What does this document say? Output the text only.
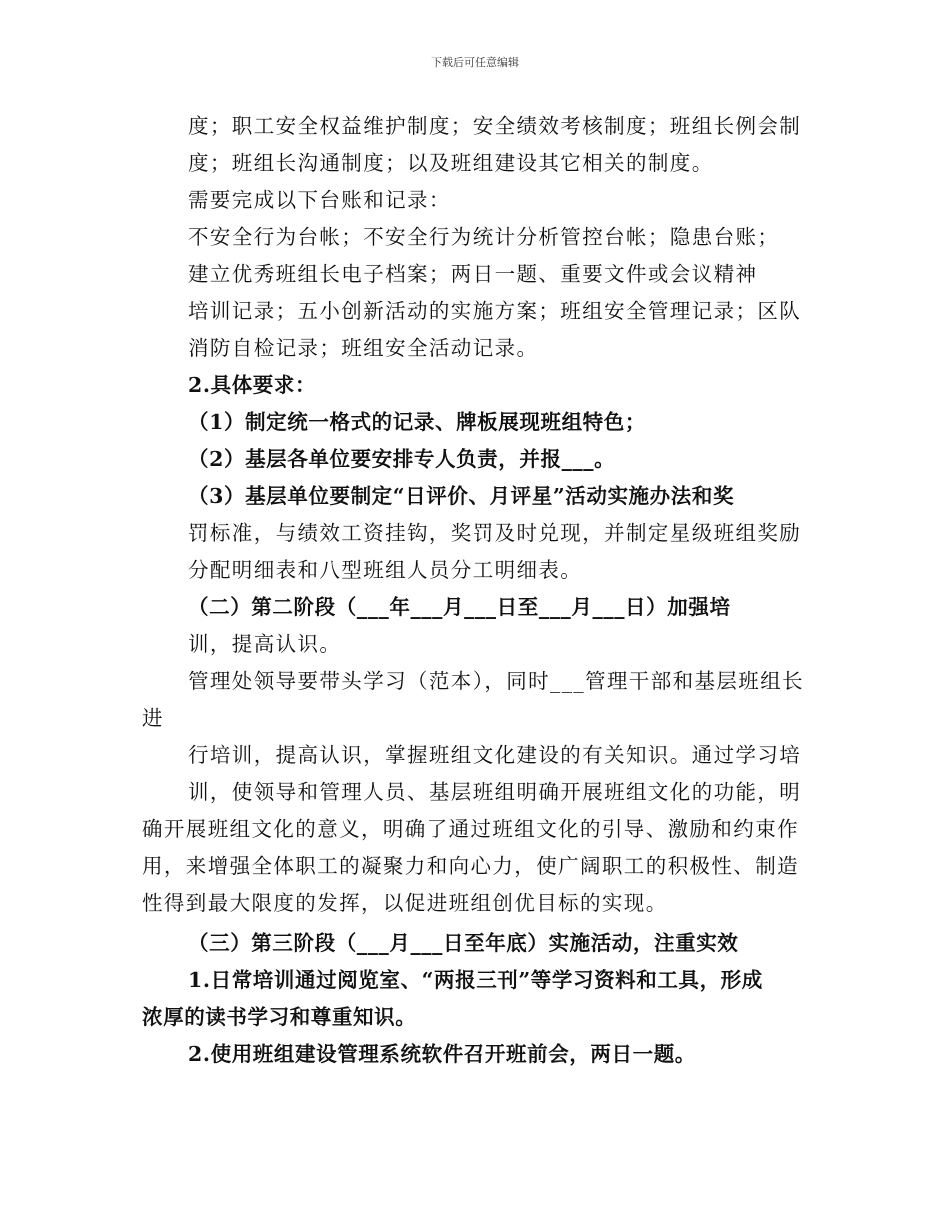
下载后可任意编辑
度；职工安全权益维护制度；安全绩效考核制度；班组长例会制
度；班组长沟通制度；以及班组建设其它相关的制度。
需要完成以下台账和记录：
不安全行为台帐；不安全行为统计分析管控台帐；隐患台账；
建立优秀班组长电子档案；两日一题、重要文件或会议精神
培训记录；五小创新活动的实施方案；班组安全管理记录；区队
消防自检记录；班组安全活动记录。
2.具体要求：
（1）制定统一格式的记录、牌板展现班组特色；
（2）基层各单位要安排专人负责，并报___。
（3）基层单位要制定“日评价、月评星”活动实施办法和奖
罚标准，与绩效工资挂钩，奖罚及时兑现，并制定星级班组奖励
分配明细表和八型班组人员分工明细表。
（二）第二阶段（___年___月___日至___月___日）加强培
训，提高认识。
管理处领导要带头学习（范本），同时___管理干部和基层班组长
进
行培训，提高认识，掌握班组文化建设的有关知识。通过学习培
训，使领导和管理人员、基层班组明确开展班组文化的功能，明
确开展班组文化的意义，明确了通过班组文化的引导、激励和约束作
用，来增强全体职工的凝聚力和向心力，使广阔职工的积极性、制造
性得到最大限度的发挥，以促进班组创优目标的实现。
（三）第三阶段（___月___日至年底）实施活动，注重实效
1.日常培训通过阅览室、“两报三刊”等学习资料和工具，形成
浓厚的读书学习和尊重知识。
2.使用班组建设管理系统软件召开班前会，两日一题。
